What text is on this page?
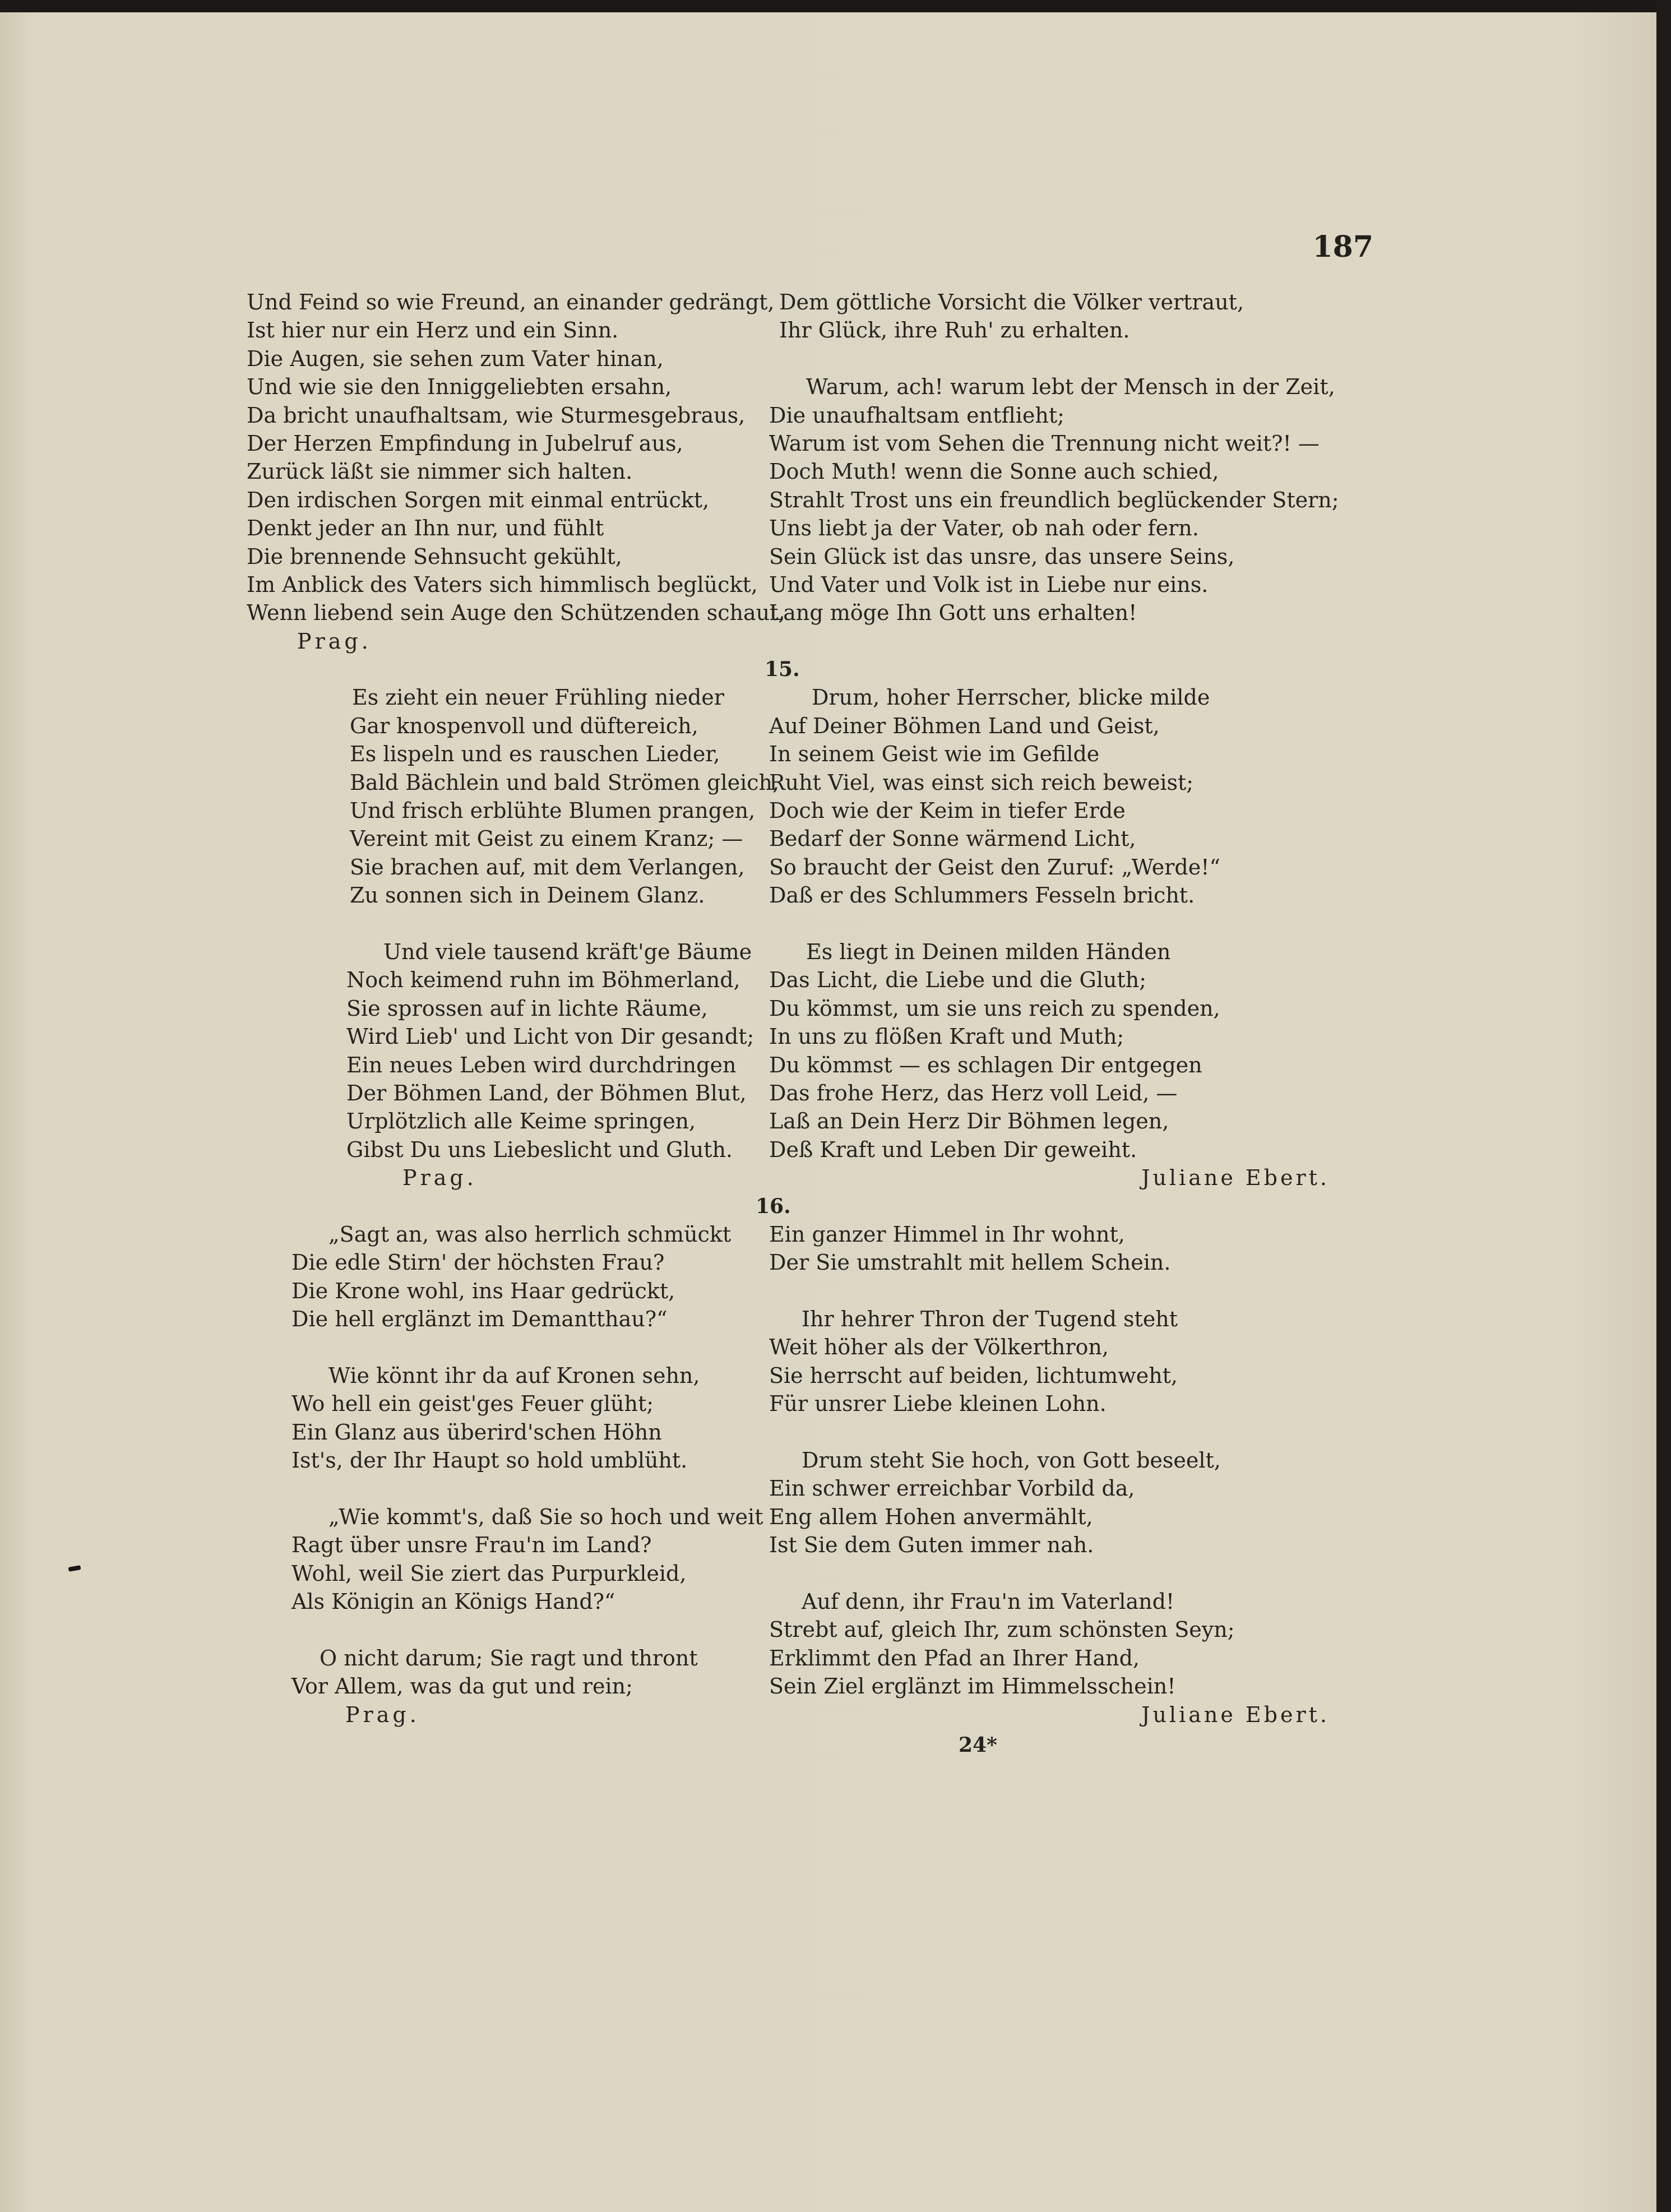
187
Und Feind so wie Freund, an einander gedrängt,
Ist hier nur ein Herz und ein Sinn.
Die Augen, sie sehen zum Vater hinan,
Und wie sie den Inniggeliebten ersahn,
Da bricht unaufhaltsam, wie Sturmesgebraus,
Der Herzen Empfindung in Jubelruf aus,
Zurück läßt sie nimmer sich halten.
Den irdischen Sorgen mit einmal entrückt,
Denkt jeder an Ihn nur, und fühlt
Die brennende Sehnsucht gekühlt,
Im Anblick des Vaters sich himmlisch beglückt,
Wenn liebend sein Auge den Schützenden schaut,
Prag.
Es zieht ein neuer Frühling nieder
Gar knospenvoll und düftereich,
Es lispeln und es rauschen Lieder,
Bald Bächlein und bald Strömen gleich,
Und frisch erblühte Blumen prangen,
Vereint mit Geist zu einem Kranz; —
Sie brachen auf, mit dem Verlangen,
Zu sonnen sich in Deinem Glanz.
Und viele tausend kräft'ge Bäume
Noch keimend ruhn im Böhmerland,
Sie sprossen auf in lichte Räume,
Wird Lieb' und Licht von Dir gesandt;
Ein neues Leben wird durchdringen
Der Böhmen Land, der Böhmen Blut,
Urplötzlich alle Keime springen,
Gibst Du uns Liebeslicht und Gluth.
Prag.
„Sagt an, was also herrlich schmückt
Die edle Stirn' der höchsten Frau?
Die Krone wohl, ins Haar gedrückt,
Die hell erglänzt im Demantthau?“
Wie könnt ihr da auf Kronen sehn,
Wo hell ein geist'ges Feuer glüht;
Ein Glanz aus überird'schen Höhn
Ist's, der Ihr Haupt so hold umblüht.
„Wie kommt's, daß Sie so hoch und weit
Ragt über unsre Frau'n im Land?
Wohl, weil Sie ziert das Purpurkleid,
Als Königin an Königs Hand?“
O nicht darum; Sie ragt und thront
Vor Allem, was da gut und rein;
Prag.
Dem göttliche Vorsicht die Völker vertraut,
Ihr Glück, ihre Ruh' zu erhalten.
Warum, ach! warum lebt der Mensch in der Zeit,
Die unaufhaltsam entflieht;
Warum ist vom Sehen die Trennung nicht weit?! —
Doch Muth! wenn die Sonne auch schied,
Strahlt Trost uns ein freundlich beglückender Stern;
Uns liebt ja der Vater, ob nah oder fern.
Sein Glück ist das unsre, das unsere Seins,
Und Vater und Volk ist in Liebe nur eins.
Lang möge Ihn Gott uns erhalten!
15.
Drum, hoher Herrscher, blicke milde
Auf Deiner Böhmen Land und Geist,
In seinem Geist wie im Gefilde
Ruht Viel, was einst sich reich beweist;
Doch wie der Keim in tiefer Erde
Bedarf der Sonne wärmend Licht,
So braucht der Geist den Zuruf: „Werde!“
Daß er des Schlummers Fesseln bricht.
Es liegt in Deinen milden Händen
Das Licht, die Liebe und die Gluth;
Du kömmst, um sie uns reich zu spenden,
In uns zu flößen Kraft und Muth;
Du kömmst — es schlagen Dir entgegen
Das frohe Herz, das Herz voll Leid, —
Laß an Dein Herz Dir Böhmen legen,
Deß Kraft und Leben Dir geweiht.
Juliane Ebert.
16.
Ein ganzer Himmel in Ihr wohnt,
Der Sie umstrahlt mit hellem Schein.
Ihr hehrer Thron der Tugend steht
Weit höher als der Völkerthron,
Sie herrscht auf beiden, lichtumweht,
Für unsrer Liebe kleinen Lohn.
Drum steht Sie hoch, von Gott beseelt,
Ein schwer erreichbar Vorbild da,
Eng allem Hohen anvermählt,
Ist Sie dem Guten immer nah.
Auf denn, ihr Frau'n im Vaterland!
Strebt auf, gleich Ihr, zum schönsten Seyn;
Erklimmt den Pfad an Ihrer Hand,
Sein Ziel erglänzt im Himmelsschein!
Juliane Ebert.
24*
